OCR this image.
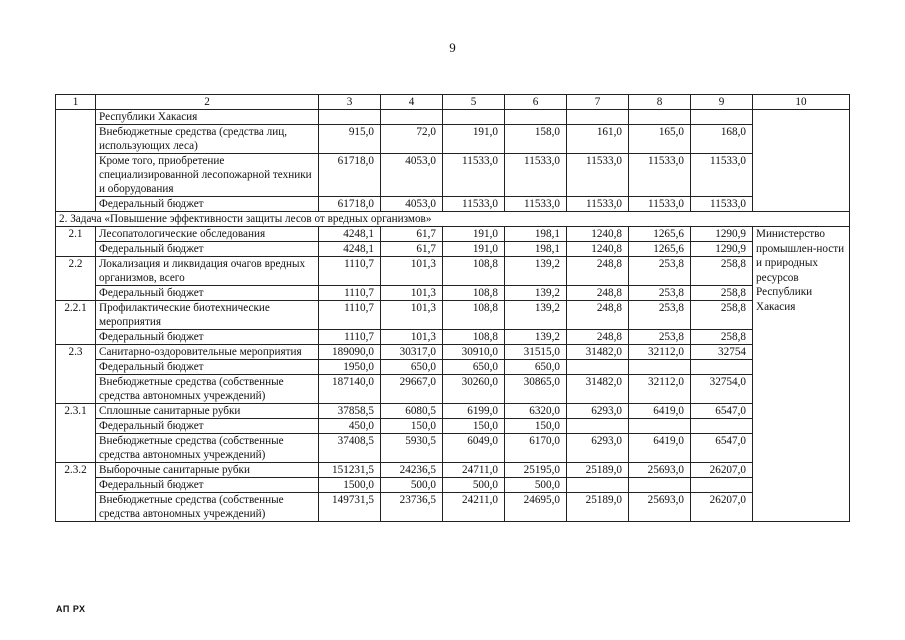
9
1	2	3	4	5	6	7	8	9	10
	Республики Хакасия								
	Внебюджетные средства (средства лиц, использующих леса)	915,0	72,0	191,0	158,0	161,0	165,0	168,0	
	Кроме того, приобретение специализированной лесопожарной техники и оборудования	61718,0	4053,0	11533,0	11533,0	11533,0	11533,0	11533,0	
	Федеральный бюджет	61718,0	4053,0	11533,0	11533,0	11533,0	11533,0	11533,0	
2. Задача «Повышение эффективности защиты лесов от вредных организмов»									
2.1	Лесопатологические обследования	4248,1	61,7	191,0	198,1	1240,8	1265,6	1290,9	Министерство промышлен-ности и природных ресурсов Республики Хакасия
	Федеральный бюджет	4248,1	61,7	191,0	198,1	1240,8	1265,6	1290,9	
2.2	Локализация и ликвидация очагов вредных организмов, всего	1110,7	101,3	108,8	139,2	248,8	253,8	258,8	
	Федеральный бюджет	1110,7	101,3	108,8	139,2	248,8	253,8	258,8	
2.2.1	Профилактические биотехнические мероприятия	1110,7	101,3	108,8	139,2	248,8	253,8	258,8	
	Федеральный бюджет	1110,7	101,3	108,8	139,2	248,8	253,8	258,8	
2.3	Санитарно-оздоровительные мероприятия	189090,0	30317,0	30910,0	31515,0	31482,0	32112,0	32754	
	Федеральный бюджет	1950,0	650,0	650,0	650,0				
	Внебюджетные средства (собственные средства автономных учреждений)	187140,0	29667,0	30260,0	30865,0	31482,0	32112,0	32754,0	
2.3.1	Сплошные санитарные рубки	37858,5	6080,5	6199,0	6320,0	6293,0	6419,0	6547,0	
	Федеральный бюджет	450,0	150,0	150,0	150,0				
	Внебюджетные средства (собственные средства автономных учреждений)	37408,5	5930,5	6049,0	6170,0	6293,0	6419,0	6547,0	
2.3.2	Выборочные санитарные рубки	151231,5	24236,5	24711,0	25195,0	25189,0	25693,0	26207,0	
	Федеральный бюджет	1500,0	500,0	500,0	500,0				
	Внебюджетные средства (собственные средства автономных учреждений)	149731,5	23736,5	24211,0	24695,0	25189,0	25693,0	26207,0	
АП РХ
